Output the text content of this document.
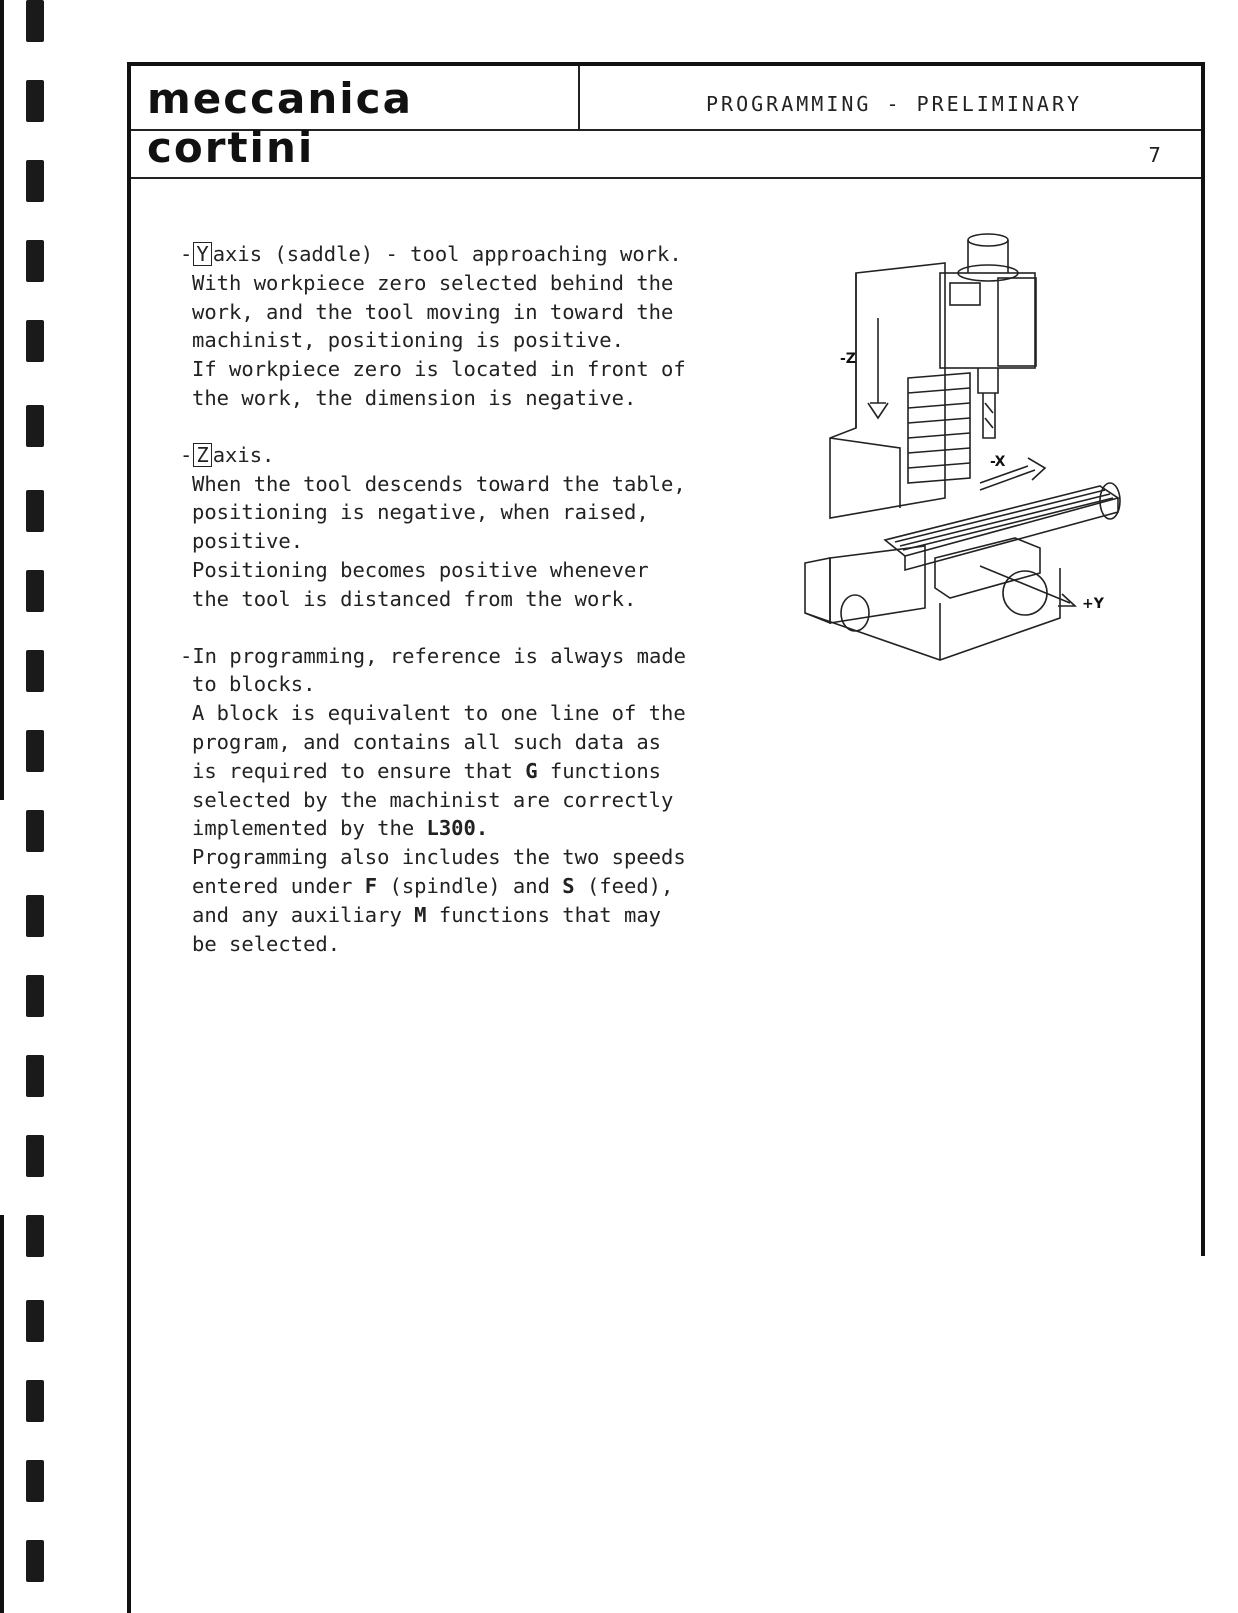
meccanica cortini
PROGRAMMING - PRELIMINARY
7
- Y axis (saddle) - tool approaching work.
With workpiece zero selected behind the
work, and the tool moving in toward the
machinist, positioning is positive.
If workpiece zero is located in front of
the work, the dimension is negative.
- Z axis.
When the tool descends toward the table,
positioning is negative, when raised,
positive.
Positioning becomes positive whenever
the tool is distanced from the work.
-In programming, reference is always made
to blocks.
A block is equivalent to one line of the
program, and contains all such data as
is required to ensure that G functions
selected by the machinist are correctly
implemented by the L300.
Programming also includes the two speeds
entered under F (spindle) and S (feed),
and any auxiliary M functions that may
be selected.
-Z
-X
+Y
